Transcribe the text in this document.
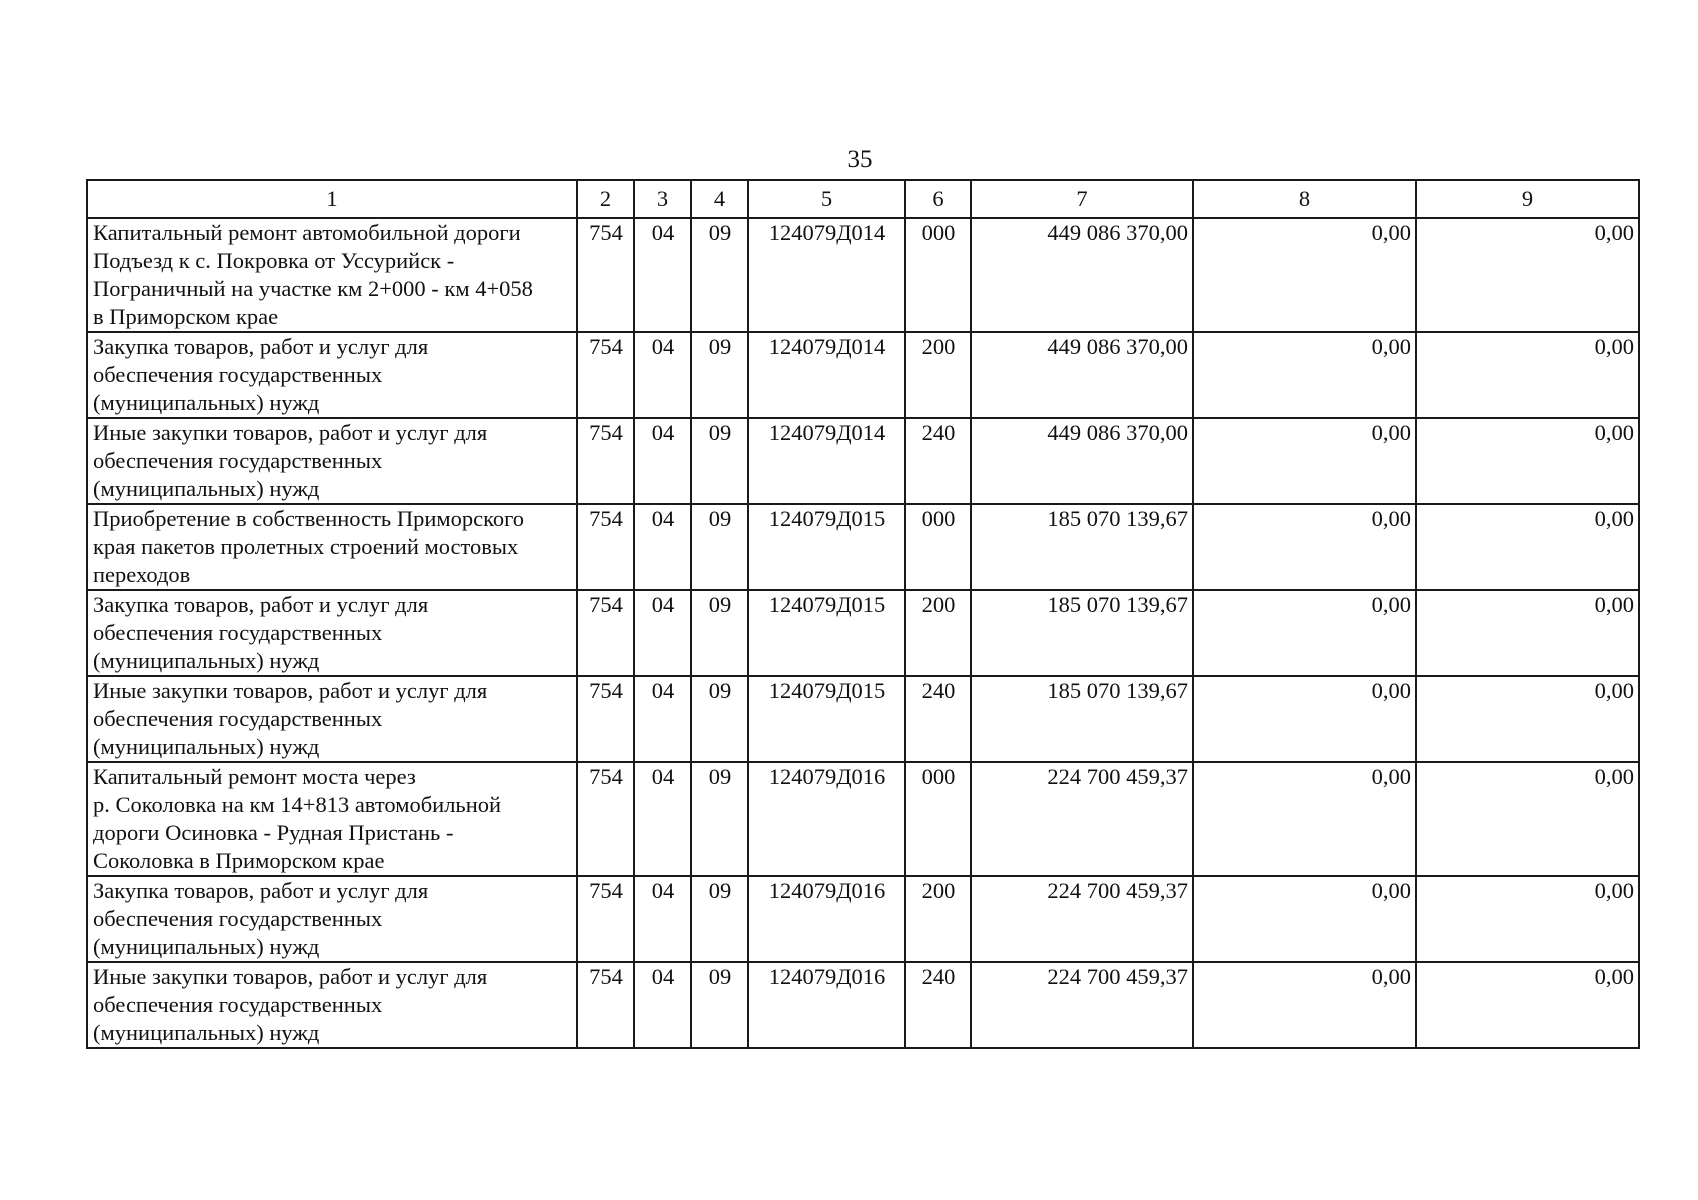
35
1	2	3	4	5	6	7	8	9
Капитальный ремонт автомобильной дороги
Подъезд к с. Покровка от Уссурийск -
Пограничный на участке км 2+000 - км 4+058
в Приморском крае	754	04	09	124079Д014	000	449 086 370,00	0,00	0,00
Закупка товаров, работ и услуг для
обеспечения государственных
(муниципальных) нужд	754	04	09	124079Д014	200	449 086 370,00	0,00	0,00
Иные закупки товаров, работ и услуг для
обеспечения государственных
(муниципальных) нужд	754	04	09	124079Д014	240	449 086 370,00	0,00	0,00
Приобретение в собственность Приморского
края пакетов пролетных строений мостовых
переходов	754	04	09	124079Д015	000	185 070 139,67	0,00	0,00
Закупка товаров, работ и услуг для
обеспечения государственных
(муниципальных) нужд	754	04	09	124079Д015	200	185 070 139,67	0,00	0,00
Иные закупки товаров, работ и услуг для
обеспечения государственных
(муниципальных) нужд	754	04	09	124079Д015	240	185 070 139,67	0,00	0,00
Капитальный ремонт моста через
р. Соколовка на км 14+813 автомобильной
дороги Осиновка - Рудная Пристань -
Соколовка в Приморском крае	754	04	09	124079Д016	000	224 700 459,37	0,00	0,00
Закупка товаров, работ и услуг для
обеспечения государственных
(муниципальных) нужд	754	04	09	124079Д016	200	224 700 459,37	0,00	0,00
Иные закупки товаров, работ и услуг для
обеспечения государственных
(муниципальных) нужд	754	04	09	124079Д016	240	224 700 459,37	0,00	0,00
